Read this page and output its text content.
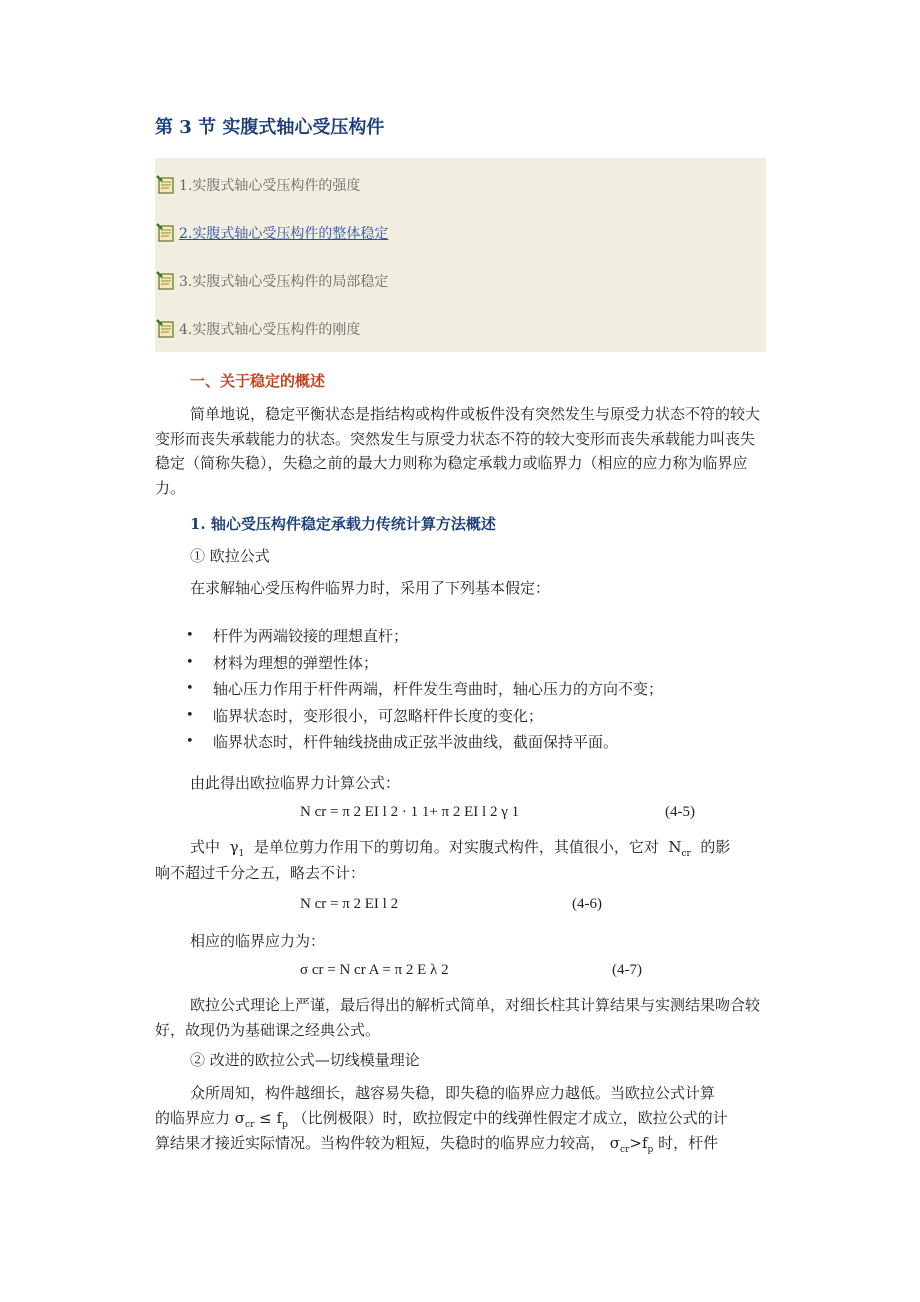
第 3 节 实腹式轴心受压构件
1.实腹式轴心受压构件的强度
2.实腹式轴心受压构件的整体稳定
3.实腹式轴心受压构件的局部稳定
4.实腹式轴心受压构件的刚度
一、关于稳定的概述

简单地说，稳定平衡状态是指结构或构件或板件没有突然发生与原受力状态不符的较大变形而丧失承载能力的状态。突然发生与原受力状态不符的较大变形而丧失承载能力叫丧失稳定（简称失稳），失稳之前的最大力则称为稳定承载力或临界力（相应的应力称为临界应力。

1. 轴心受压构件稳定承载力传统计算方法概述

① 欧拉公式

在求解轴心受压构件临界力时，采用了下列基本假定：

• 杆件为两端铰接的理想直杆；
• 材料为理想的弹塑性体；
• 轴心压力作用于杆件两端，杆件发生弯曲时，轴心压力的方向不变；
• 临界状态时，变形很小，可忽略杆件长度的变化；
• 临界状态时，杆件轴线挠曲成正弦半波曲线，截面保持平面。

由此得出欧拉临界力计算公式：

N cr = π 2 EI l 2 · 1 1+ π 2 EI l 2 γ 1	(4-5)

式中 $\gamma_1$ 是单位剪力作用下的剪切角。对实腹式构件，其值很小，它对 $N_{cr}$ 的影

响不超过千分之五，略去不计：

N cr = π 2 EI l 2	(4-6)

相应的临界应力为：

σ cr = N cr A = π 2 E λ 2	(4-7)

欧拉公式理论上严谨，最后得出的解析式简单，对细长柱其计算结果与实测结果吻合较好，故现仍为基础课之经典公式。

② 改进的欧拉公式—切线模量理论

众所周知，构件越细长，越容易失稳，即失稳的临界应力越低。当欧拉公式计算

的临界应力 $\sigma_{cr} \le f_p$ （比例极限）时，欧拉假定中的线弹性假定才成立，欧拉公式的计

算结果才接近实际情况。当构件较为粗短，失稳时的临界应力较高， $\sigma_{cr}>f_p$ 时，杆件
